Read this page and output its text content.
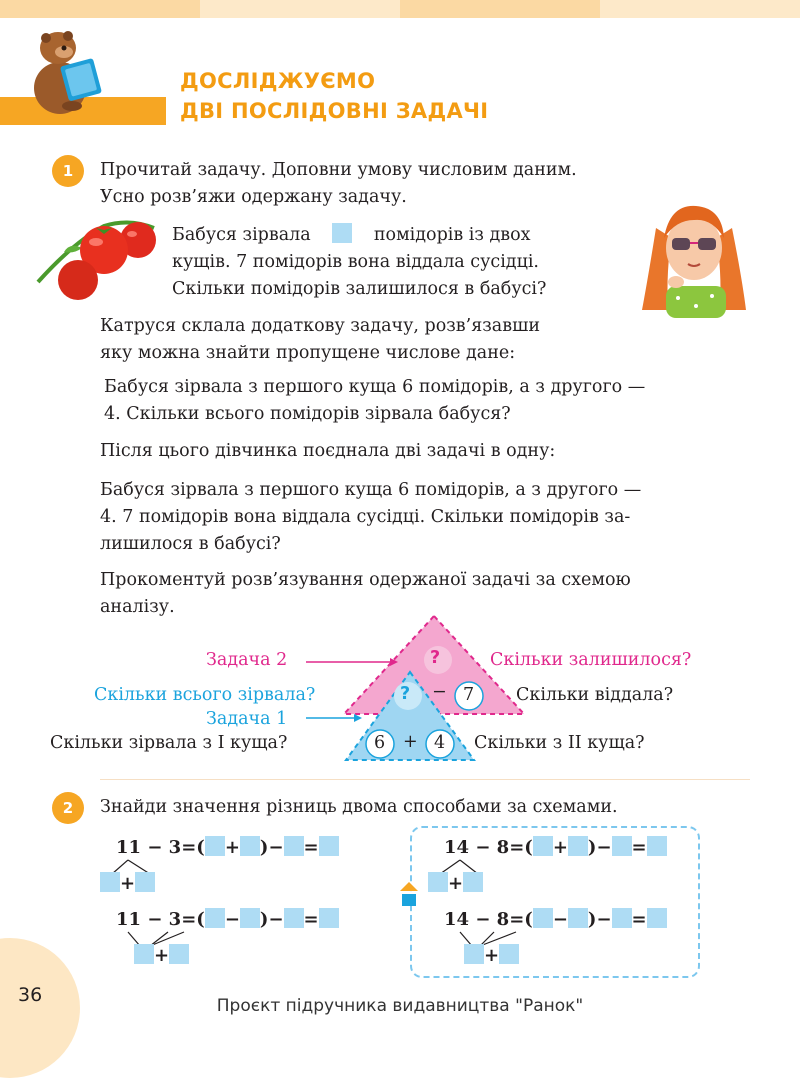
ДОСЛІДЖУЄМО
ДВІ ПОСЛІДОВНІ ЗАДАЧІ
1	Прочитай задачу. Доповни умову числовим даним.

Усно розв’яжи одержану задачу.

Бабуся зірвала	помідорів із двох

кущів. 7 помідорів вона віддала сусідці.

Скільки помідорів залишилося в бабусі?

Катруся склала додаткову задачу, розв’язавши

яку можна знайти пропущене числове дане:

Бабуся зірвала з першого куща 6 помідорів, а з другого —

4. Скільки всього помідорів зірвала бабуся?

Після цього дівчинка поєднала дві задачі в одну:

Бабуся зірвала з першого куща 6 помідорів, а з другого —

4. 7 помідорів вона віддала сусідці. Скільки помідорів за-

лишилося в бабусі?

Прокоментуй розв’язування одержаної задачі за схемою

аналізу.

Задача 2	Скільки залишилося?
Скільки всього зірвала?	Скільки віддала?
Задача 1
Скільки зірвала з I куща?	Скільки з II куща?
?
? − 7
6 + 4
2	Знайди значення різниць двома способами за схемами.

11 − 3=( + )− =
+
11 − 3=( − )− =
+
14 − 8=( + )− =
+
14 − 8=( − )− =
+
36	Проєкт підручника видавництва "Ранок"
